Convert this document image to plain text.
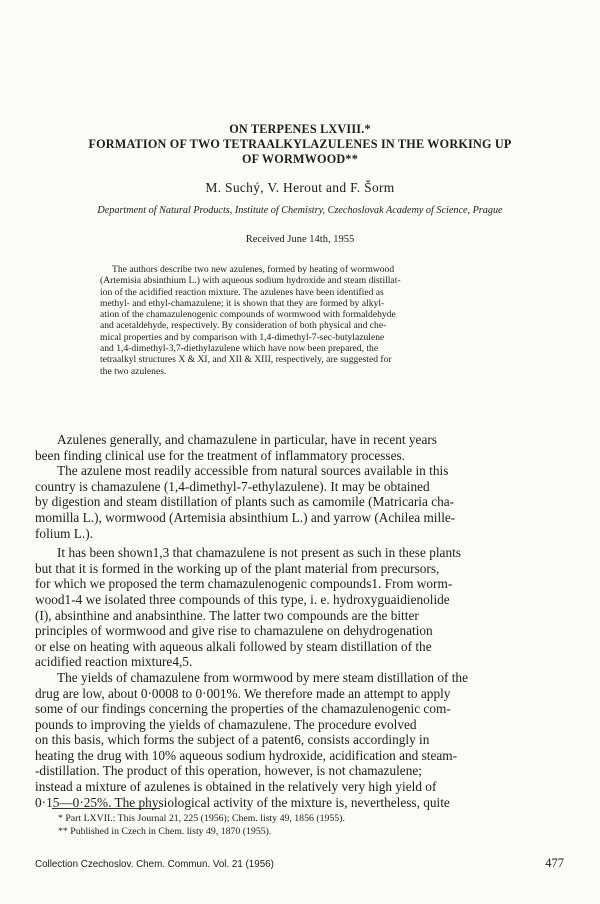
ON TERPENES LXVIII.*
FORMATION OF TWO TETRAALKYLAZULENES IN THE WORKING UP
OF WORMWOOD**
M. Suchý, V. Herout and F. Šorm
Department of Natural Products, Institute of Chemistry, Czechoslovak Academy of Science, Prague
Received June 14th, 1955
The authors describe two new azulenes, formed by heating of wormwood
(Artemisia absinthium L.) with aqueous sodium hydroxide and steam distillat-
ion of the acidified reaction mixture. The azulenes have been identified as
methyl- and ethyl-chamazulene; it is shown that they are formed by alkyl-
ation of the chamazulenogenic compounds of wormwood with formaldehyde
and acetaldehyde, respectively. By consideration of both physical and che-
mical properties and by comparison with 1,4-dimethyl-7-sec-butylazulene
and 1,4-dimethyl-3,7-diethylazulene which have now been prepared, the
tetraalkyl structures X & XI, and XII & XIII, respectively, are suggested for
the two azulenes.
Azulenes generally, and chamazulene in particular, have in recent years
been finding clinical use for the treatment of inflammatory processes.
The azulene most readily accessible from natural sources available in this
country is chamazulene (1,4-dimethyl-7-ethylazulene). It may be obtained
by digestion and steam distillation of plants such as camomile (Matricaria cha-
momilla L.), wormwood (Artemisia absinthium L.) and yarrow (Achilea mille-
folium L.).
It has been shown1,3 that chamazulene is not present as such in these plants
but that it is formed in the working up of the plant material from precursors,
for which we proposed the term chamazulenogenic compounds1. From worm-
wood1-4 we isolated three compounds of this type, i. e. hydroxyguaidienolide
(I), absinthine and anabsinthine. The latter two compounds are the bitter
principles of wormwood and give rise to chamazulene on dehydrogenation
or else on heating with aqueous alkali followed by steam distillation of the
acidified reaction mixture4,5.
The yields of chamazulene from wormwood by mere steam distillation of the
drug are low, about 0·0008 to 0·001%. We therefore made an attempt to apply
some of our findings concerning the properties of the chamazulenogenic com-
pounds to improving the yields of chamazulene. The procedure evolved
on this basis, which forms the subject of a patent6, consists accordingly in
heating the drug with 10% aqueous sodium hydroxide, acidification and steam-
-distillation. The product of this operation, however, is not chamazulene;
instead a mixture of azulenes is obtained in the relatively very high yield of
0·15—0·25%. The physiological activity of the mixture is, nevertheless, quite
* Part LXVII.: This Journal 21, 225 (1956); Chem. listy 49, 1856 (1955).
** Published in Czech in Chem. listy 49, 1870 (1955).
Collection Czechoslov. Chem. Commun. Vol. 21 (1956)	477
